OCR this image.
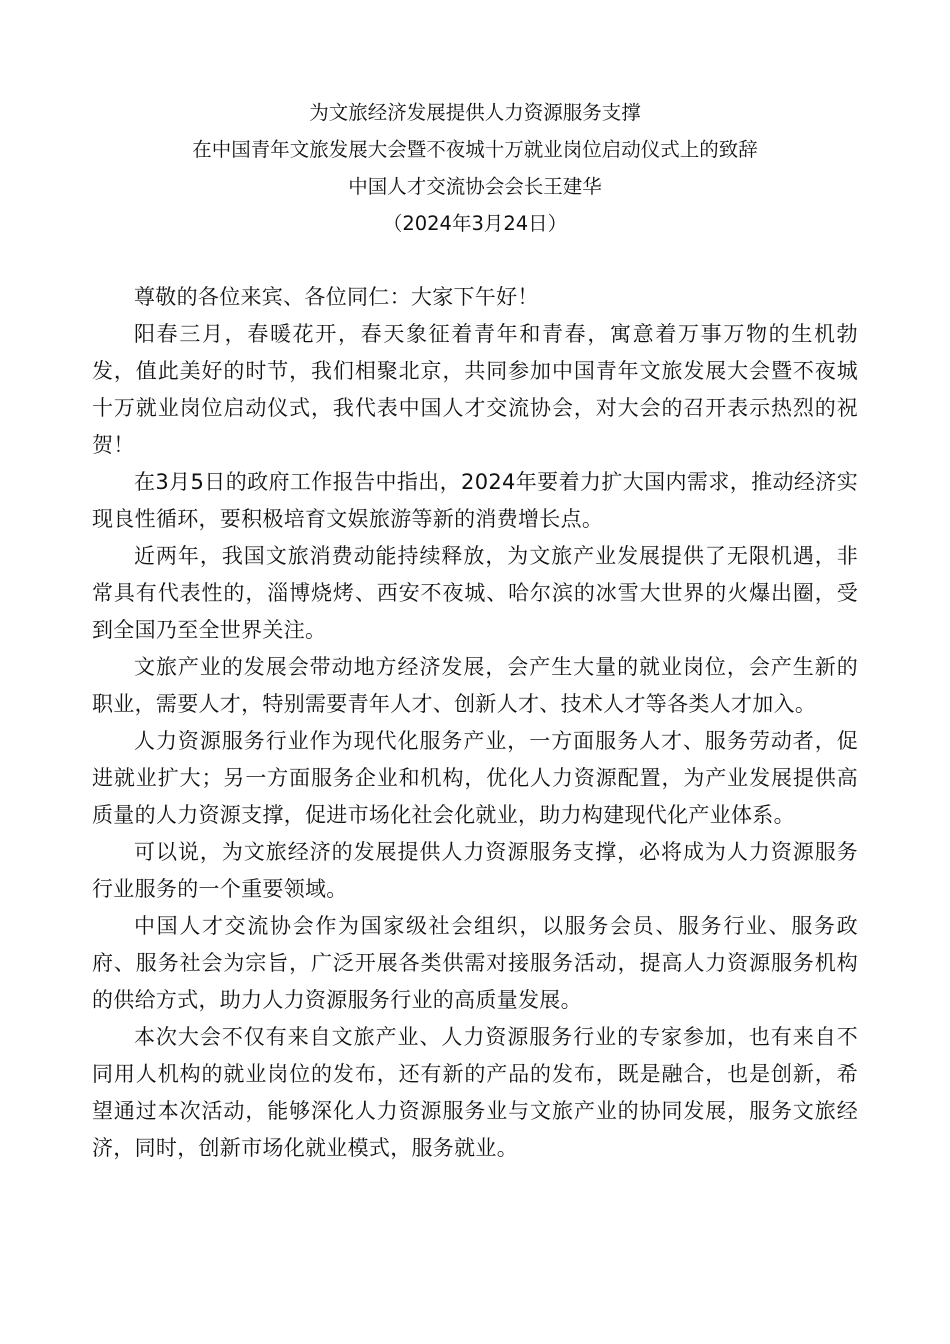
为文旅经济发展提供人力资源服务支撑
在中国青年文旅发展大会暨不夜城十万就业岗位启动仪式上的致辞
中国人才交流协会会长王建华
（2024年3月24日）

尊敬的各位来宾、各位同仁：大家下午好！

阳春三月，春暖花开，春天象征着青年和青春，寓意着万事万物的生机勃发，值此美好的时节，我们相聚北京，共同参加中国青年文旅发展大会暨不夜城十万就业岗位启动仪式，我代表中国人才交流协会，对大会的召开表示热烈的祝贺！

在3月5日的政府工作报告中指出，2024年要着力扩大国内需求，推动经济实现良性循环，要积极培育文娱旅游等新的消费增长点。

近两年，我国文旅消费动能持续释放，为文旅产业发展提供了无限机遇，非常具有代表性的，淄博烧烤、西安不夜城、哈尔滨的冰雪大世界的火爆出圈，受到全国乃至全世界关注。

文旅产业的发展会带动地方经济发展，会产生大量的就业岗位，会产生新的职业，需要人才，特别需要青年人才、创新人才、技术人才等各类人才加入。

人力资源服务行业作为现代化服务产业，一方面服务人才、服务劳动者，促进就业扩大；另一方面服务企业和机构，优化人力资源配置，为产业发展提供高质量的人力资源支撑，促进市场化社会化就业，助力构建现代化产业体系。

可以说，为文旅经济的发展提供人力资源服务支撑，必将成为人力资源服务行业服务的一个重要领域。

中国人才交流协会作为国家级社会组织，以服务会员、服务行业、服务政府、服务社会为宗旨，广泛开展各类供需对接服务活动，提高人力资源服务机构的供给方式，助力人力资源服务行业的高质量发展。

本次大会不仅有来自文旅产业、人力资源服务行业的专家参加，也有来自不同用人机构的就业岗位的发布，还有新的产品的发布，既是融合，也是创新，希望通过本次活动，能够深化人力资源服务业与文旅产业的协同发展，服务文旅经济，同时，创新市场化就业模式，服务就业。
